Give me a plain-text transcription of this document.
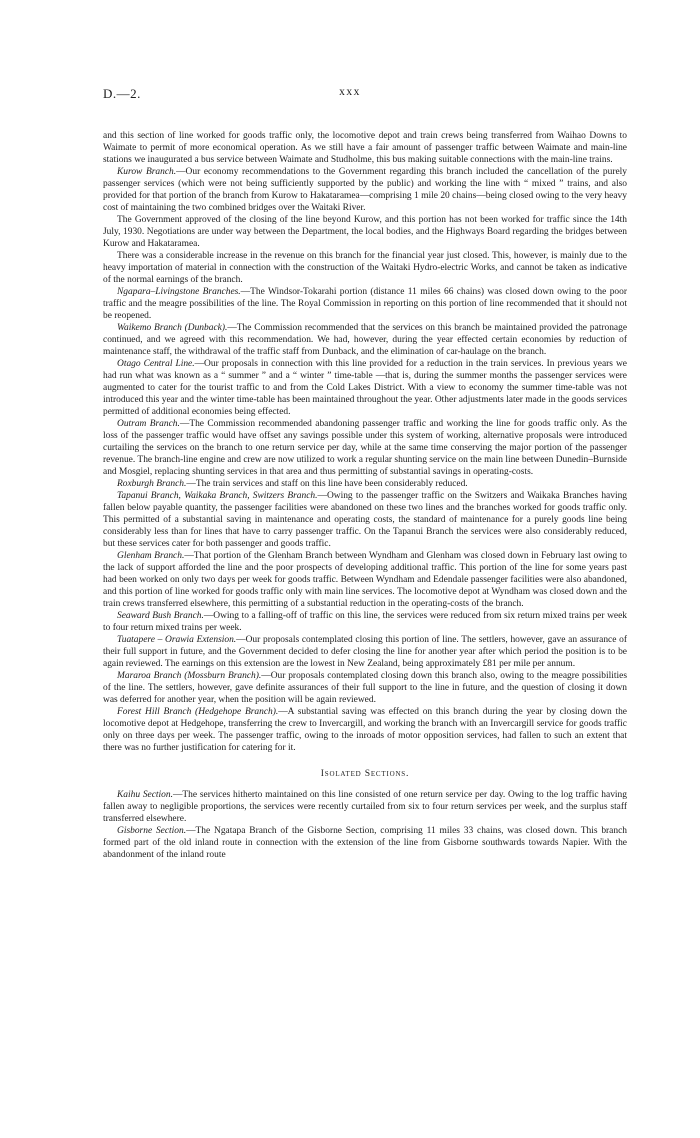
D.—2.	xxx

and this section of line worked for goods traffic only, the locomotive depot and train crews being transferred from Waihao Downs to Waimate to permit of more economical operation. As we still have a fair amount of passenger traffic between Waimate and main-line stations we inaugurated a bus service between Waimate and Studholme, this bus making suitable connections with the main-line trains.

Kurow Branch.—Our economy recommendations to the Government regarding this branch included the cancellation of the purely passenger services (which were not being sufficiently supported by the public) and working the line with “ mixed ” trains, and also provided for that portion of the branch from Kurow to Hakataramea—comprising 1 mile 20 chains—being closed owing to the very heavy cost of maintaining the two combined bridges over the Waitaki River.

The Government approved of the closing of the line beyond Kurow, and this portion has not been worked for traffic since the 14th July, 1930. Negotiations are under way between the Department, the local bodies, and the Highways Board regarding the bridges between Kurow and Hakataramea.

There was a considerable increase in the revenue on this branch for the financial year just closed. This, however, is mainly due to the heavy importation of material in connection with the construction of the Waitaki Hydro-electric Works, and cannot be taken as indicative of the normal earnings of the branch.

Ngapara–Livingstone Branches.—The Windsor-Tokarahi portion (distance 11 miles 66 chains) was closed down owing to the poor traffic and the meagre possibilities of the line. The Royal Commission in reporting on this portion of line recommended that it should not be reopened.

Waikemo Branch (Dunback).—The Commission recommended that the services on this branch be maintained provided the patronage continued, and we agreed with this recommendation. We had, however, during the year effected certain economies by reduction of maintenance staff, the withdrawal of the traffic staff from Dunback, and the elimination of car-haulage on the branch.

Otago Central Line.—Our proposals in connection with this line provided for a reduction in the train services. In previous years we had run what was known as a “ summer ” and a “ winter ” time-table —that is, during the summer months the passenger services were augmented to cater for the tourist traffic to and from the Cold Lakes District. With a view to economy the summer time-table was not introduced this year and the winter time-table has been maintained throughout the year. Other adjustments later made in the goods services permitted of additional economies being effected.

Outram Branch.—The Commission recommended abandoning passenger traffic and working the line for goods traffic only. As the loss of the passenger traffic would have offset any savings possible under this system of working, alternative proposals were introduced curtailing the services on the branch to one return service per day, while at the same time conserving the major portion of the passenger revenue. The branch-line engine and crew are now utilized to work a regular shunting service on the main line between Dunedin–Burnside and Mosgiel, replacing shunting services in that area and thus permitting of substantial savings in operating-costs.

Roxburgh Branch.—The train services and staff on this line have been considerably reduced.

Tapanui Branch, Waikaka Branch, Switzers Branch.—Owing to the passenger traffic on the Switzers and Waikaka Branches having fallen below payable quantity, the passenger facilities were abandoned on these two lines and the branches worked for goods traffic only. This permitted of a substantial saving in maintenance and operating costs, the standard of maintenance for a purely goods line being considerably less than for lines that have to carry passenger traffic. On the Tapanui Branch the services were also considerably reduced, but these services cater for both passenger and goods traffic.

Glenham Branch.—That portion of the Glenham Branch between Wyndham and Glenham was closed down in February last owing to the lack of support afforded the line and the poor prospects of developing additional traffic. This portion of the line for some years past had been worked on only two days per week for goods traffic. Between Wyndham and Edendale passenger facilities were also abandoned, and this portion of line worked for goods traffic only with main line services. The locomotive depot at Wyndham was closed down and the train crews transferred elsewhere, this permitting of a substantial reduction in the operating-costs of the branch.

Seaward Bush Branch.—Owing to a falling-off of traffic on this line, the services were reduced from six return mixed trains per week to four return mixed trains per week.

Tuatapere – Orawia Extension.—Our proposals contemplated closing this portion of line. The settlers, however, gave an assurance of their full support in future, and the Government decided to defer closing the line for another year after which period the position is to be again reviewed. The earnings on this extension are the lowest in New Zealand, being approximately £81 per mile per annum.

Mararoa Branch (Mossburn Branch).—Our proposals contemplated closing down this branch also, owing to the meagre possibilities of the line. The settlers, however, gave definite assurances of their full support to the line in future, and the question of closing it down was deferred for another year, when the position will be again reviewed.

Forest Hill Branch (Hedgehope Branch).—A substantial saving was effected on this branch during the year by closing down the locomotive depot at Hedgehope, transferring the crew to Invercargill, and working the branch with an Invercargill service for goods traffic only on three days per week. The passenger traffic, owing to the inroads of motor opposition services, had fallen to such an extent that there was no further justification for catering for it.

Isolated Sections.

Kaihu Section.—The services hitherto maintained on this line consisted of one return service per day. Owing to the log traffic having fallen away to negligible proportions, the services were recently curtailed from six to four return services per week, and the surplus staff transferred elsewhere.

Gisborne Section.—The Ngatapa Branch of the Gisborne Section, comprising 11 miles 33 chains, was closed down. This branch formed part of the old inland route in connection with the extension of the line from Gisborne southwards towards Napier. With the abandonment of the inland route
